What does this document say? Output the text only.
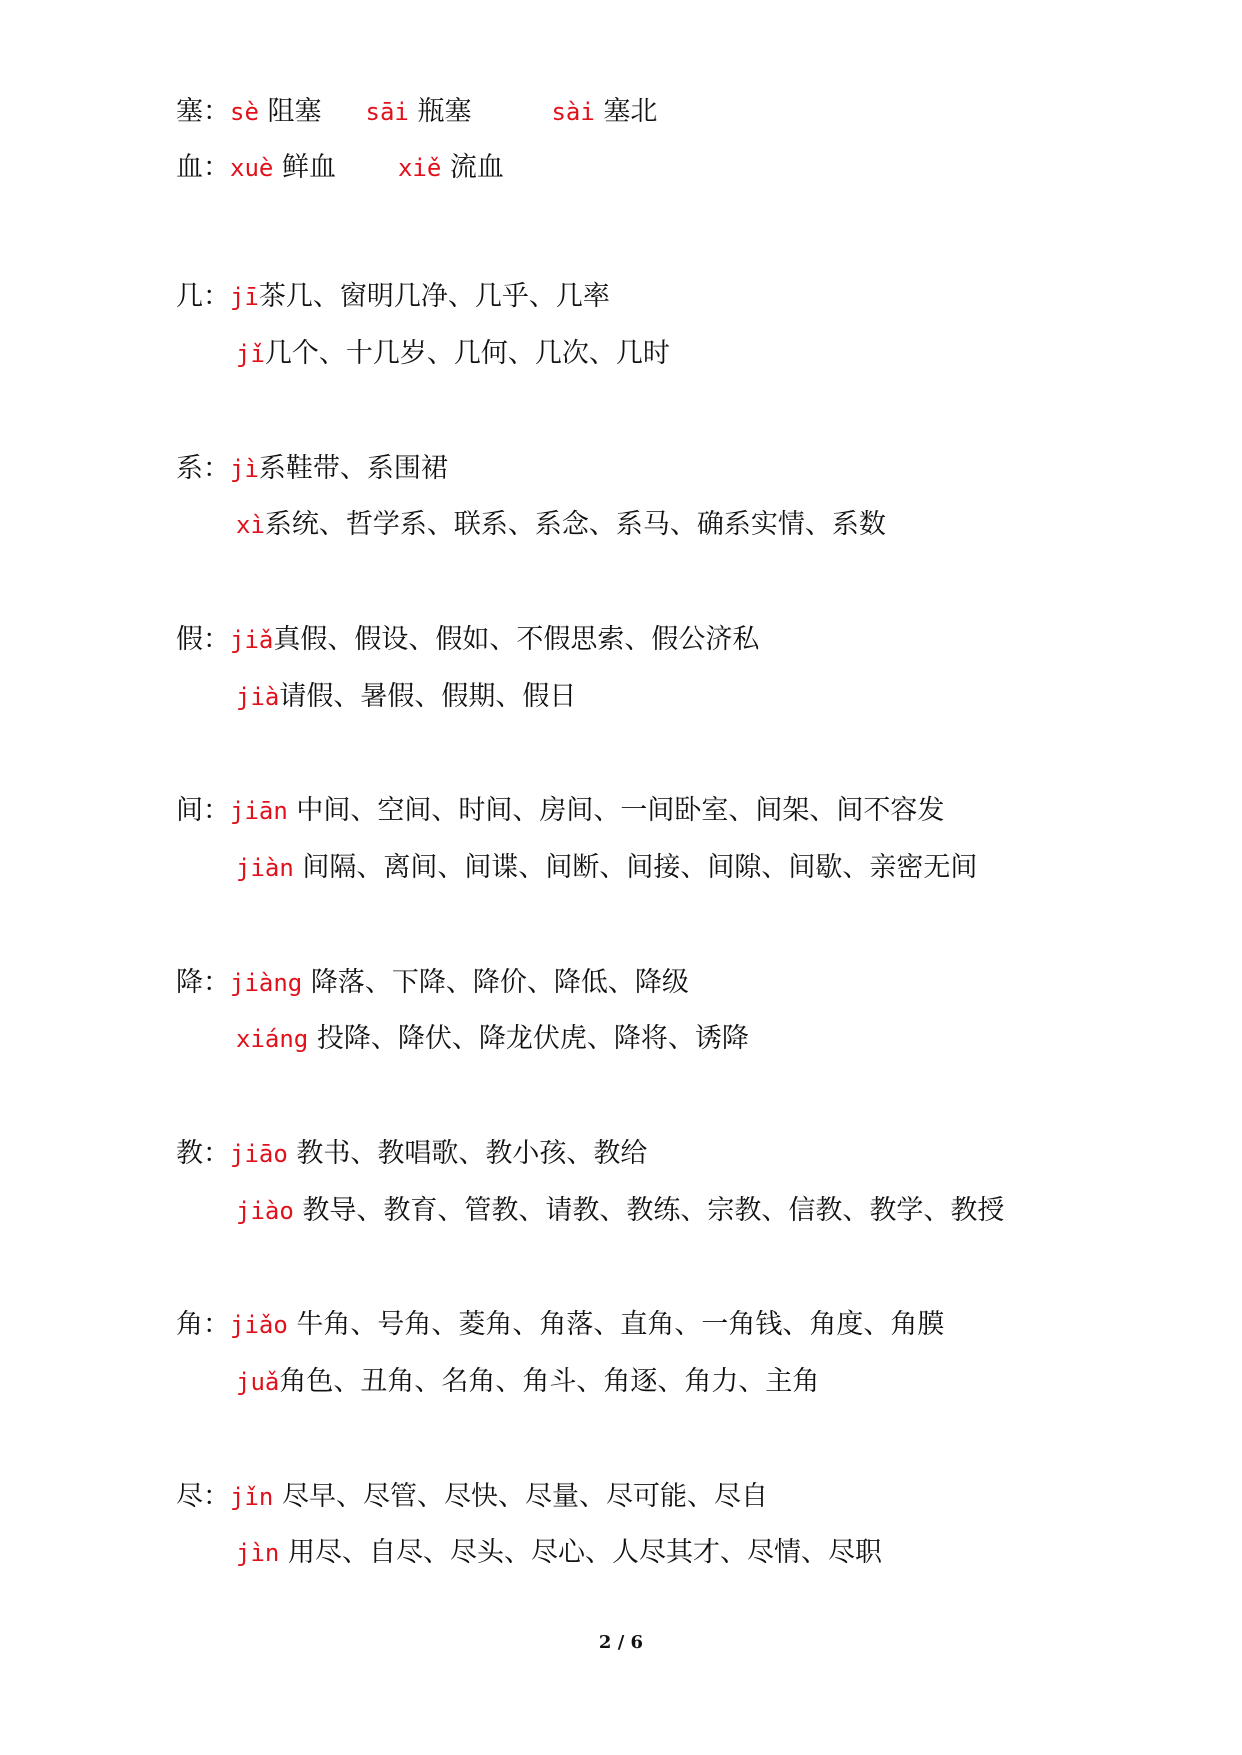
塞：sè 阻塞 sāi 瓶塞	sài 塞北
血：xuè 鲜血	xiě 流血
几：jī茶几、窗明几净、几乎、几率
jǐ几个、十几岁、几何、几次、几时
系：jì系鞋带、系围裙
xì系统、哲学系、联系、系念、系马、确系实情、系数
假：jiǎ真假、假设、假如、不假思索、假公济私
jià请假、暑假、假期、假日
间：jiān 中间、空间、时间、房间、一间卧室、间架、间不容发
jiàn 间隔、离间、间谍、间断、间接、间隙、间歇、亲密无间
降：jiàng 降落、下降、降价、降低、降级
xiáng 投降、降伏、降龙伏虎、降将、诱降
教：jiāo 教书、教唱歌、教小孩、教给
jiào 教导、教育、管教、请教、教练、宗教、信教、教学、教授
角：jiǎo 牛角、号角、菱角、角落、直角、一角钱、角度、角膜
juǎ角色、丑角、名角、角斗、角逐、角力、主角
尽：jǐn 尽早、尽管、尽快、尽量、尽可能、尽自
jìn 用尽、自尽、尽头、尽心、人尽其才、尽情、尽职
2 / 6
